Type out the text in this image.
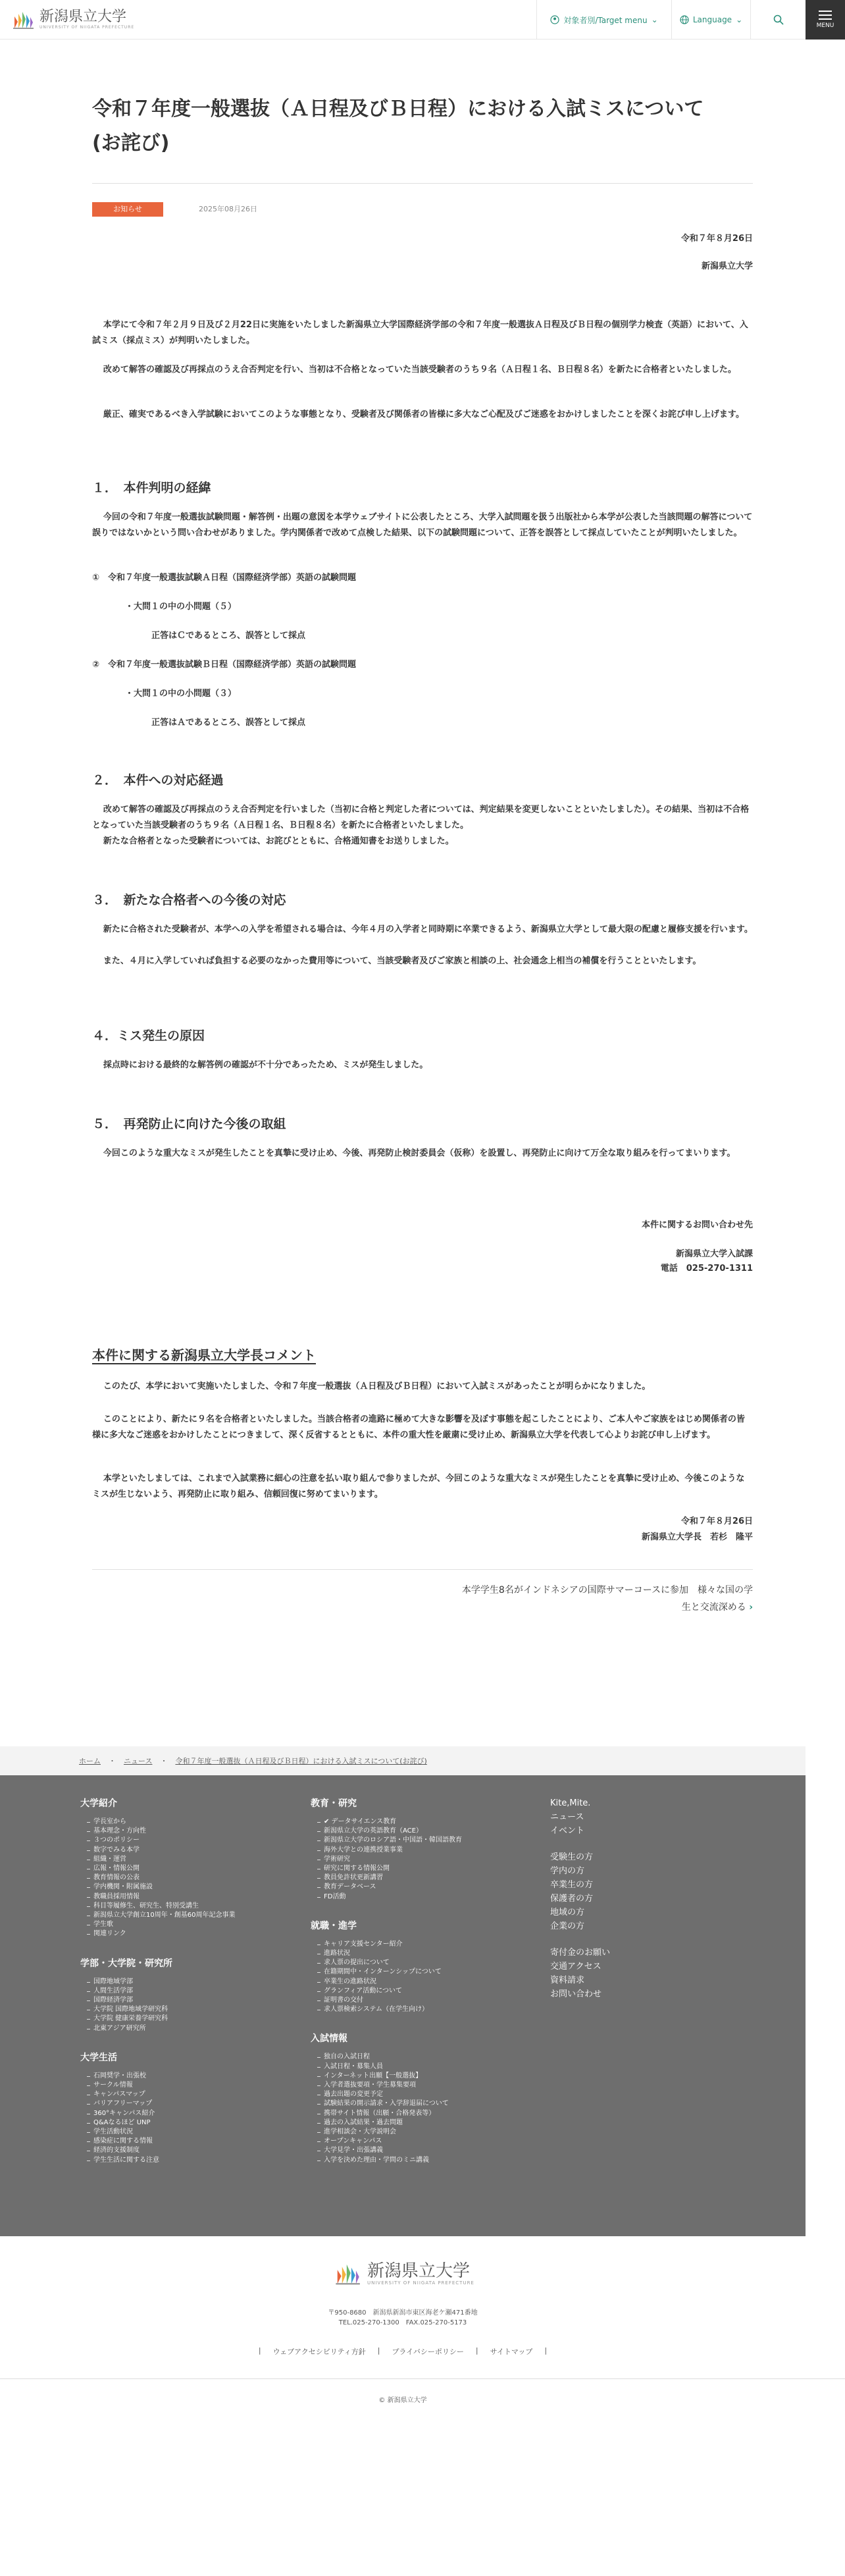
新潟県立大学
UNIVERSITY OF NIIGATA PREFECTURE
対象者別/Target menu ⌄	Language ⌄
MENU
令和７年度一般選抜（Ａ日程及びＢ日程）における入試ミスについて
(お詫び)
お知らせ	2025年08月26日
令和７年８月26日
新潟県立大学
本学にて令和７年２月９日及び２月22日に実施をいたしました新潟県立大学国際経済学部の令和７年度一般選抜Ａ日程及びＢ日程の個別学力検査（英語）において、入試ミス（採点ミス）が判明いたしました。
改めて解答の確認及び再採点のうえ合否判定を行い、当初は不合格となっていた当該受験者のうち９名（Ａ日程１名、Ｂ日程８名）を新たに合格者といたしました。
厳正、確実であるべき入学試験においてこのような事態となり、受験者及び関係者の皆様に多大なご心配及びご迷惑をおかけしましたことを深くお詫び申し上げます。
１．　本件判明の経緯
今回の令和７年度一般選抜試験問題・解答例・出題の意図を本学ウェブサイトに公表したところ、大学入試問題を扱う出版社から本学が公表した当該問題の解答について誤りではないかという問い合わせがありました。学内関係者で改めて点検した結果、以下の試験問題について、正答を誤答として採点していたことが判明いたしました。
①　令和７年度一般選抜試験Ａ日程（国際経済学部）英語の試験問題
・大問１の中の小問題（５）
正答はＣであるところ、誤答として採点
②　令和７年度一般選抜試験Ｂ日程（国際経済学部）英語の試験問題
・大問１の中の小問題（３）
正答はＡであるところ、誤答として採点
２．　本件への対応経過
改めて解答の確認及び再採点のうえ合否判定を行いました（当初に合格と判定した者については、判定結果を変更しないことといたしました）。その結果、当初は不合格となっていた当該受験者のうち９名（Ａ日程１名、Ｂ日程８名）を新たに合格者といたしました。
新たな合格者となった受験者については、お詫びとともに、合格通知書をお送りしました。
３．　新たな合格者への今後の対応
新たに合格された受験者が、本学への入学を希望される場合は、今年４月の入学者と同時期に卒業できるよう、新潟県立大学として最大限の配慮と履修支援を行います。
また、４月に入学していれば負担する必要のなかった費用等について、当該受験者及びご家族と相談の上、社会通念上相当の補償を行うことといたします。
４．ミス発生の原因
採点時における最終的な解答例の確認が不十分であったため、ミスが発生しました。
５．　再発防止に向けた今後の取組
今回このような重大なミスが発生したことを真摯に受け止め、今後、再発防止検討委員会（仮称）を設置し、再発防止に向けて万全な取り組みを行ってまいります。
本件に関するお問い合わせ先
新潟県立大学入試課
電話　025-270-1311
本件に関する新潟県立大学長コメント
このたび、本学において実施いたしました、令和７年度一般選抜（Ａ日程及びＢ日程）において入試ミスがあったことが明らかになりました。
このことにより、新たに９名を合格者といたしました。当該合格者の進路に極めて大きな影響を及ぼす事態を起こしたことにより、ご本人やご家族をはじめ関係者の皆様に多大なご迷惑をおかけしたことにつきまして、深く反省するとともに、本件の重大性を厳粛に受け止め、新潟県立大学を代表して心よりお詫び申し上げます。
本学といたしましては、これまで入試業務に細心の注意を払い取り組んで参りましたが、今回このような重大なミスが発生したことを真摯に受け止め、今後このようなミスが生じないよう、再発防止に取り組み、信頼回復に努めてまいります。
令和７年８月26日
新潟県立大学長　若杉　隆平
本学学生8名がインドネシアの国際サマーコースに参加　様々な国の学
生と交流深める ›
ホーム ・ ニュース ・ 令和７年度一般選抜（Ａ日程及びＢ日程）における入試ミスについて(お詫び)
大学紹介
学長室から
基本理念・方向性
３つのポリシー
数字でみる本学
組織・運営
広報・情報公開
教育情報の公表
学内機関・附属施設
教職員採用情報
科目等履修生、研究生、特別受講生
新潟県立大学創立10周年・創基60周年記念事業
学生歌
関連リンク
学部・大学院・研究所
国際地域学部
人間生活学部
国際経済学部
大学院 国際地域学研究科
大学院 健康栄養学研究科
北東アジア研究所
大学生活
石岡奨学・出張校
サークル情報
キャンパスマップ
バリアフリーマップ
360°キャンパス紹介
Q&Aなるほど UNP
学生活動状況
感染症に関する情報
経済的支援制度
学生生活に関する注意
教育・研究
✔ データサイエンス教育
新潟県立大学の英語教育（ACE）
新潟県立大学のロシア語・中国語・韓国語教育
海外大学との連携授業事業
学術研究
研究に関する情報公開
教員免許状更新講習
教育データベース
FD活動
就職・進学
キャリア支援センター紹介
進路状況
求人票の提出について
在籍期間中・インターンシップについて
卒業生の進路状況
グランフィア活動について
証明書の交付
求人票検索システム（在学生向け）
入試情報
独自の入試日程
入試日程・募集人員
インターネット出願【一般選抜】
入学者選抜要項・学生募集要項
過去出題の変更予定
試験結果の開示請求・入学辞退届について
携帯サイト情報（出願・合格発表等）
過去の入試結果・過去問題
進学相談会・大学説明会
オープンキャンパス
大学見学・出張講義
入学を決めた理由・学問のミニ講義
Kite,Mite.
ニュース
イベント
受験生の方
学内の方
卒業生の方
保護者の方
地域の方
企業の方
寄付金のお願い
交通アクセス
資料請求
お問い合わせ
新潟県立大学
UNIVERSITY OF NIIGATA PREFECTURE
〒950-8680　新潟県新潟市東区海老ケ瀬471番地
TEL.025-270-1300　FAX.025-270-5173
| ウェブアクセシビリティ方針 | プライバシーポリシー | サイトマップ |
© 新潟県立大学
